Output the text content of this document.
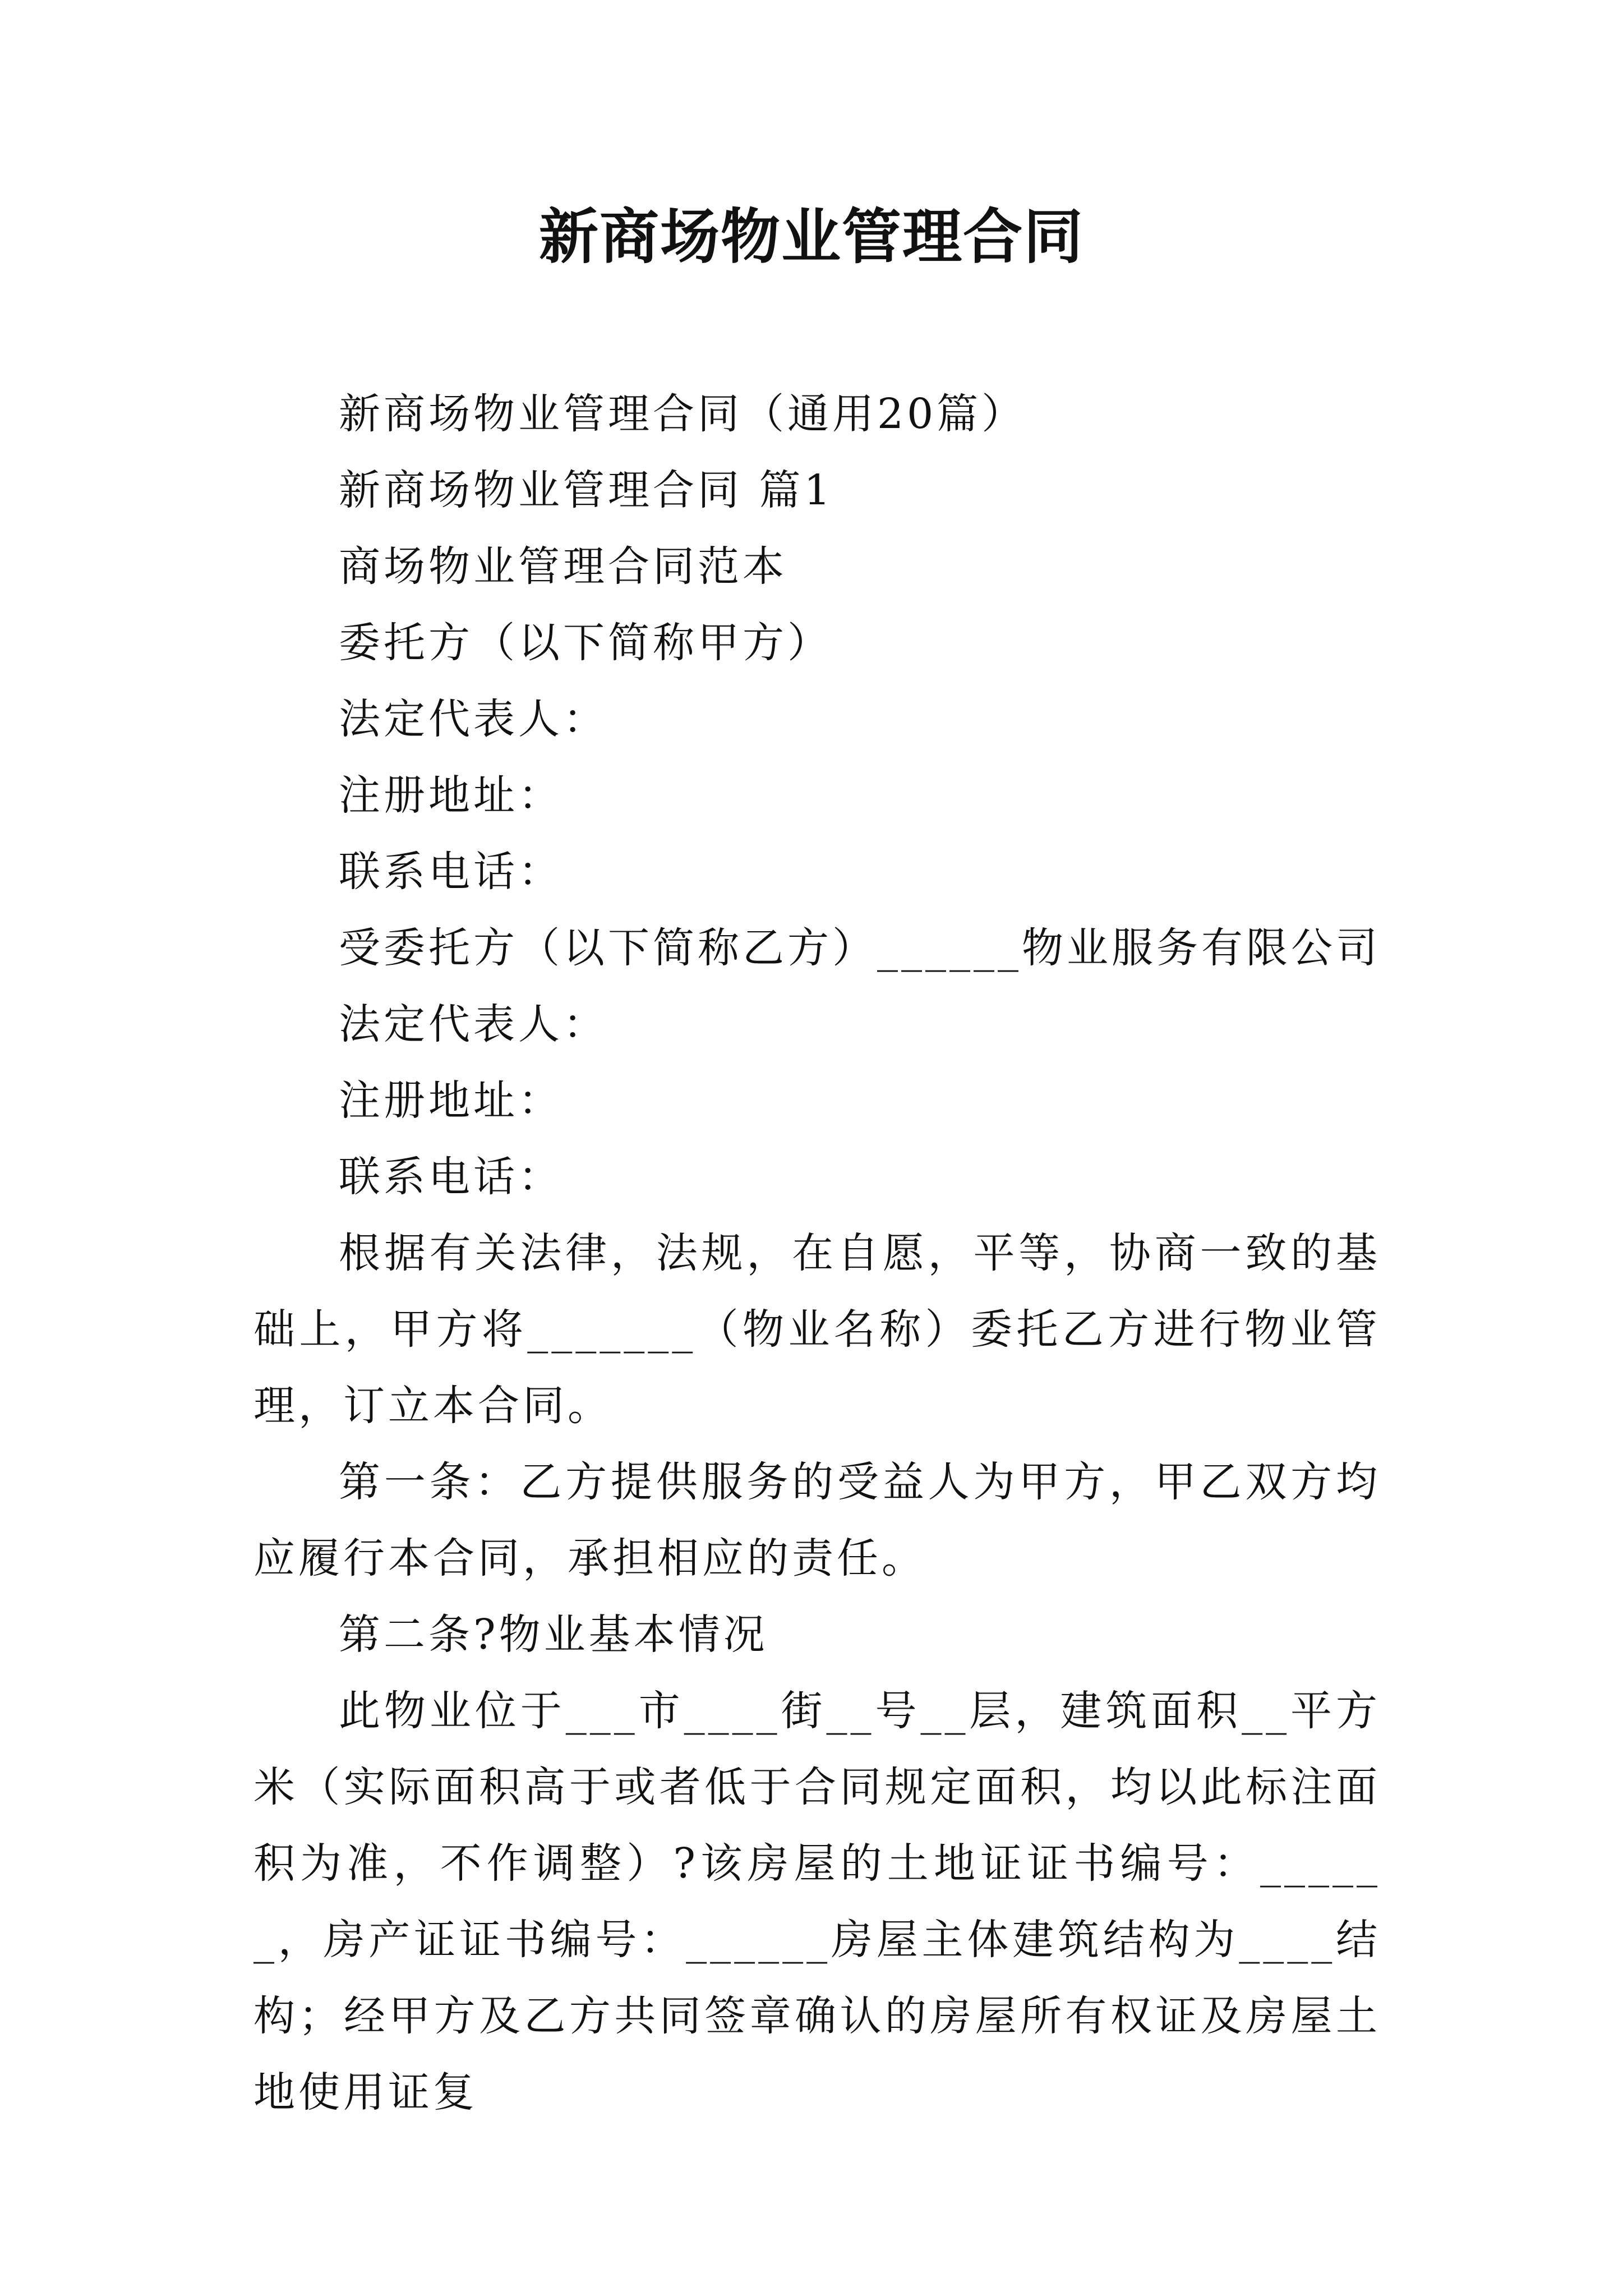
新商场物业管理合同

新商场物业管理合同（通用20篇）

新商场物业管理合同 篇1

商场物业管理合同范本

委托方（以下简称甲方）

法定代表人：

注册地址：

联系电话：

受委托方（以下简称乙方）______物业服务有限公司

法定代表人：

注册地址：

联系电话：

根据有关法律，法规，在自愿，平等，协商一致的基础上，甲方将_______（物业名称）委托乙方进行物业管理，订立本合同。

第一条：乙方提供服务的受益人为甲方，甲乙双方均应履行本合同，承担相应的责任。

第二条?物业基本情况

此物业位于___市____街__号__层，建筑面积__平方米（实际面积高于或者低于合同规定面积，均以此标注面积为准，不作调整）?该房屋的土地证证书编号：______，房产证证书编号：______房屋主体建筑结构为____结构；经甲方及乙方共同签章确认的房屋所有权证及房屋土地使用证复
